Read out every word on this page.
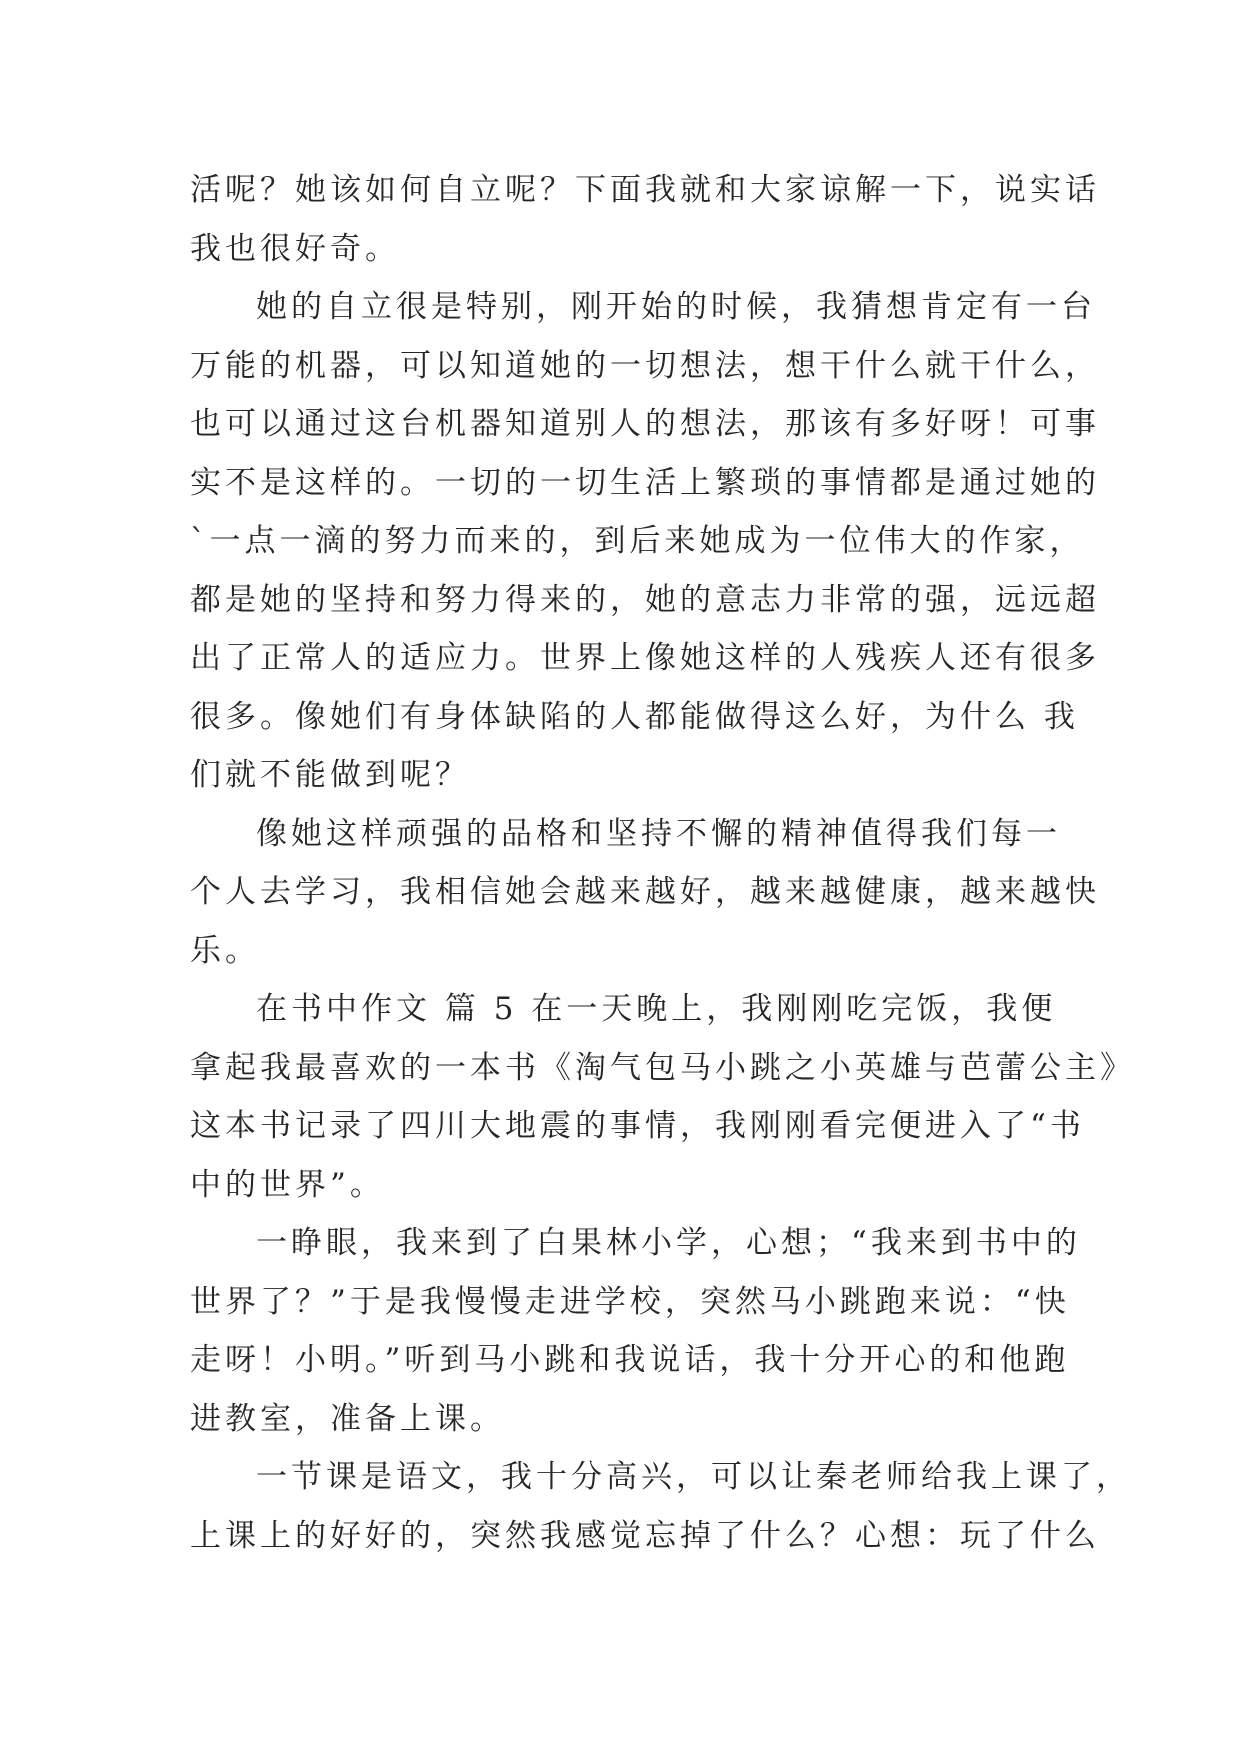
活呢？她该如何自立呢？下面我就和大家谅解一下，说实话
我也很好奇。
她的自立很是特别，刚开始的时候，我猜想肯定有一台
万能的机器，可以知道她的一切想法，想干什么就干什么，
也可以通过这台机器知道别人的想法，那该有多好呀！可事
实不是这样的。一切的一切生活上繁琐的事情都是通过她的
`一点一滴的努力而来的，到后来她成为一位伟大的作家，
都是她的坚持和努力得来的，她的意志力非常的强，远远超
出了正常人的适应力。世界上像她这样的人残疾人还有很多
很多。像她们有身体缺陷的人都能做得这么好，为什么 我
们就不能做到呢？
像她这样顽强的品格和坚持不懈的精神值得我们每一
个人去学习，我相信她会越来越好，越来越健康，越来越快
乐。
在书中作文 篇 5 在一天晚上，我刚刚吃完饭，我便
拿起我最喜欢的一本书《淘气包马小跳之小英雄与芭蕾公主》
这本书记录了四川大地震的事情，我刚刚看完便进入了“书
中的世界”。
一睁眼，我来到了白果林小学，心想；“我来到书中的
世界了？”于是我慢慢走进学校，突然马小跳跑来说：“快
走呀！小明。”听到马小跳和我说话，我十分开心的和他跑
进教室，准备上课。
一节课是语文，我十分高兴，可以让秦老师给我上课了，
上课上的好好的，突然我感觉忘掉了什么？心想：玩了什么
